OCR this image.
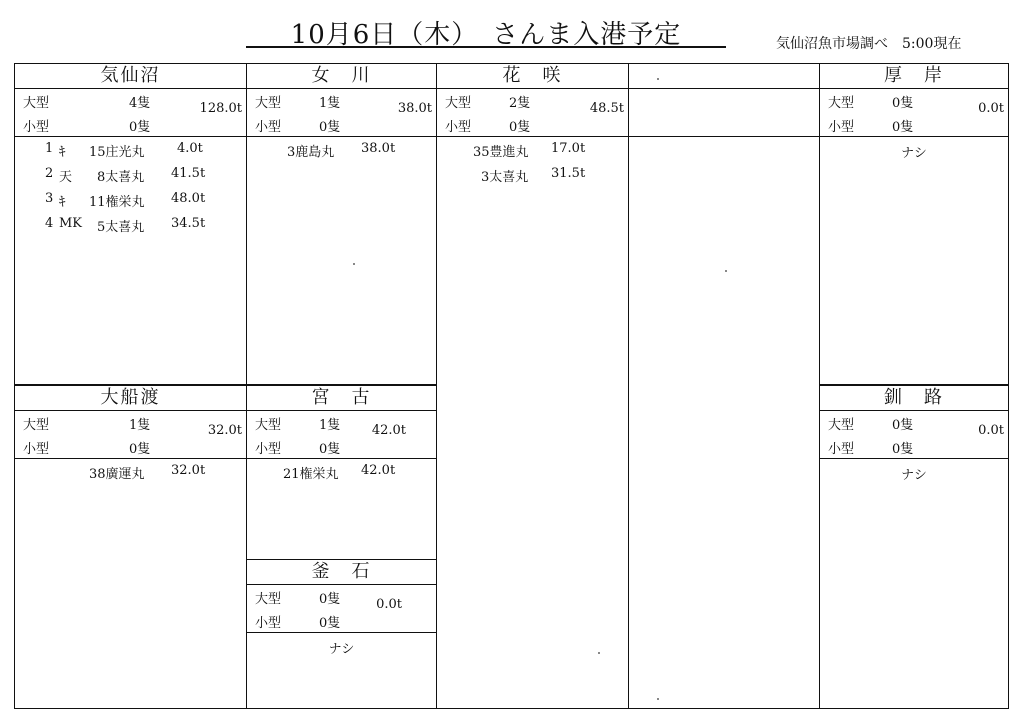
10月6日（木）　さんま入港予定	気仙沼魚市場調べ　5:00現在
気仙沼
大型	4隻
小型	0隻
128.0t
1 ｷ 15庄光丸 4.0t
2 天 8太喜丸 41.5t
3 ｷ 11権栄丸 48.0t
4 MK 5太喜丸 34.5t
女　川
大型	1隻
小型	0隻
38.0t
3鹿島丸 38.0t
花　咲
大型	2隻
小型	0隻
48.5t
35豊進丸 17.0t
3太喜丸 31.5t
厚　岸
大型	0隻
小型	0隻
0.0t
ナシ
大船渡
大型	1隻
小型	0隻
32.0t
38廣運丸 32.0t
宮　古
大型	1隻
小型	0隻
42.0t
21権栄丸 42.0t
釜　石
大型	0隻
小型	0隻
0.0t
ナシ
釧　路
大型	0隻
小型	0隻
0.0t
ナシ
